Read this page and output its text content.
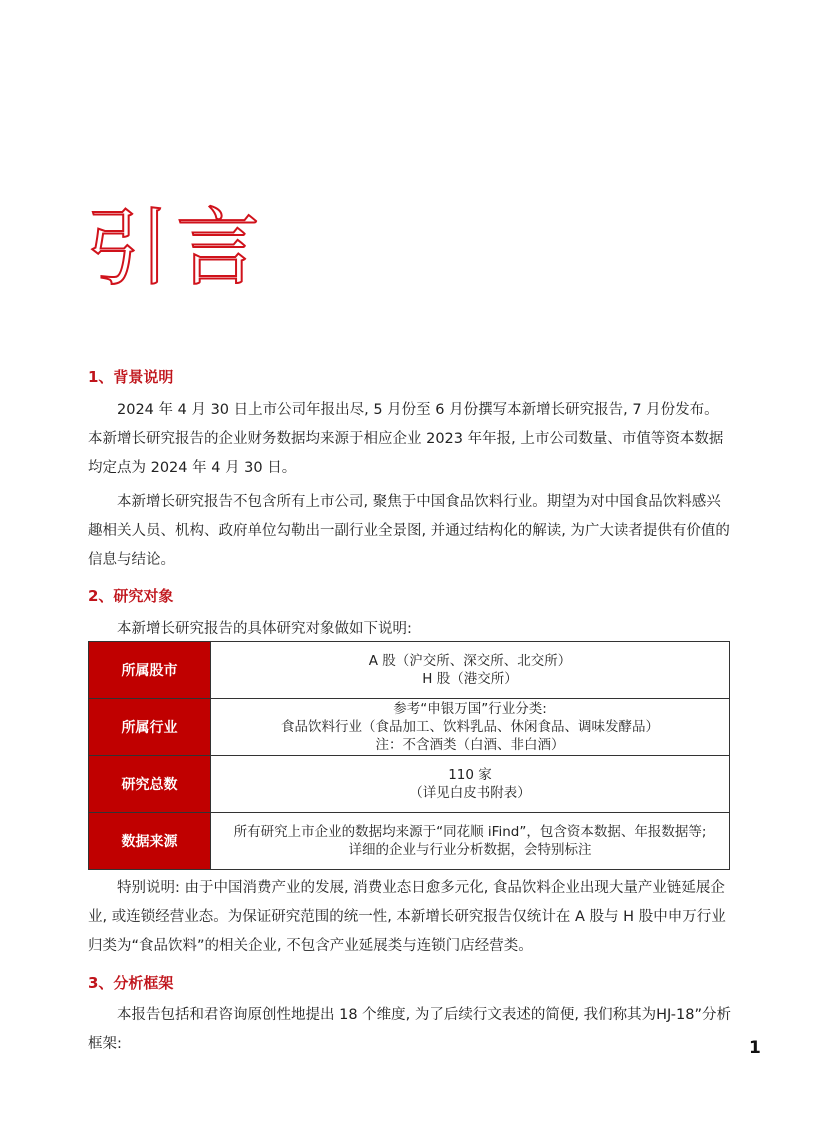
引言
1、背景说明

2024 年 4 月 30 日上市公司年报出尽, 5 月份至 6 月份撰写本新增长研究报告, 7 月份发布。本新增长研究报告的企业财务数据均来源于相应企业 2023 年年报, 上市公司数量、市值等资本数据均定点为 2024 年 4 月 30 日。

本新增长研究报告不包含所有上市公司, 聚焦于中国食品饮料行业。期望为对中国食品饮料感兴趣相关人员、机构、政府单位勾勒出一副行业全景图, 并通过结构化的解读, 为广大读者提供有价值的信息与结论。

2、研究对象

本新增长研究报告的具体研究对象做如下说明:

所属股市	A 股（沪交所、深交所、北交所）
H 股（港交所）

所属行业	参考“申银万国”行业分类:
食品饮料行业（食品加工、饮料乳品、休闲食品、调味发酵品）
注：不含酒类（白酒、非白酒）

研究总数	110 家
（详见白皮书附表）

数据来源	所有研究上市企业的数据均来源于“同花顺 iFind”，包含资本数据、年报数据等;
详细的企业与行业分析数据，会特别标注

特别说明: 由于中国消费产业的发展, 消费业态日愈多元化, 食品饮料企业出现大量产业链延展企业, 或连锁经营业态。为保证研究范围的统一性, 本新增长研究报告仅统计在 A 股与 H 股中申万行业归类为“食品饮料”的相关企业, 不包含产业延展类与连锁门店经营类。

3、分析框架

本报告包括和君咨询原创性地提出 18 个维度, 为了后续行文表述的简便, 我们称其为HJ-18”分析框架:	1
